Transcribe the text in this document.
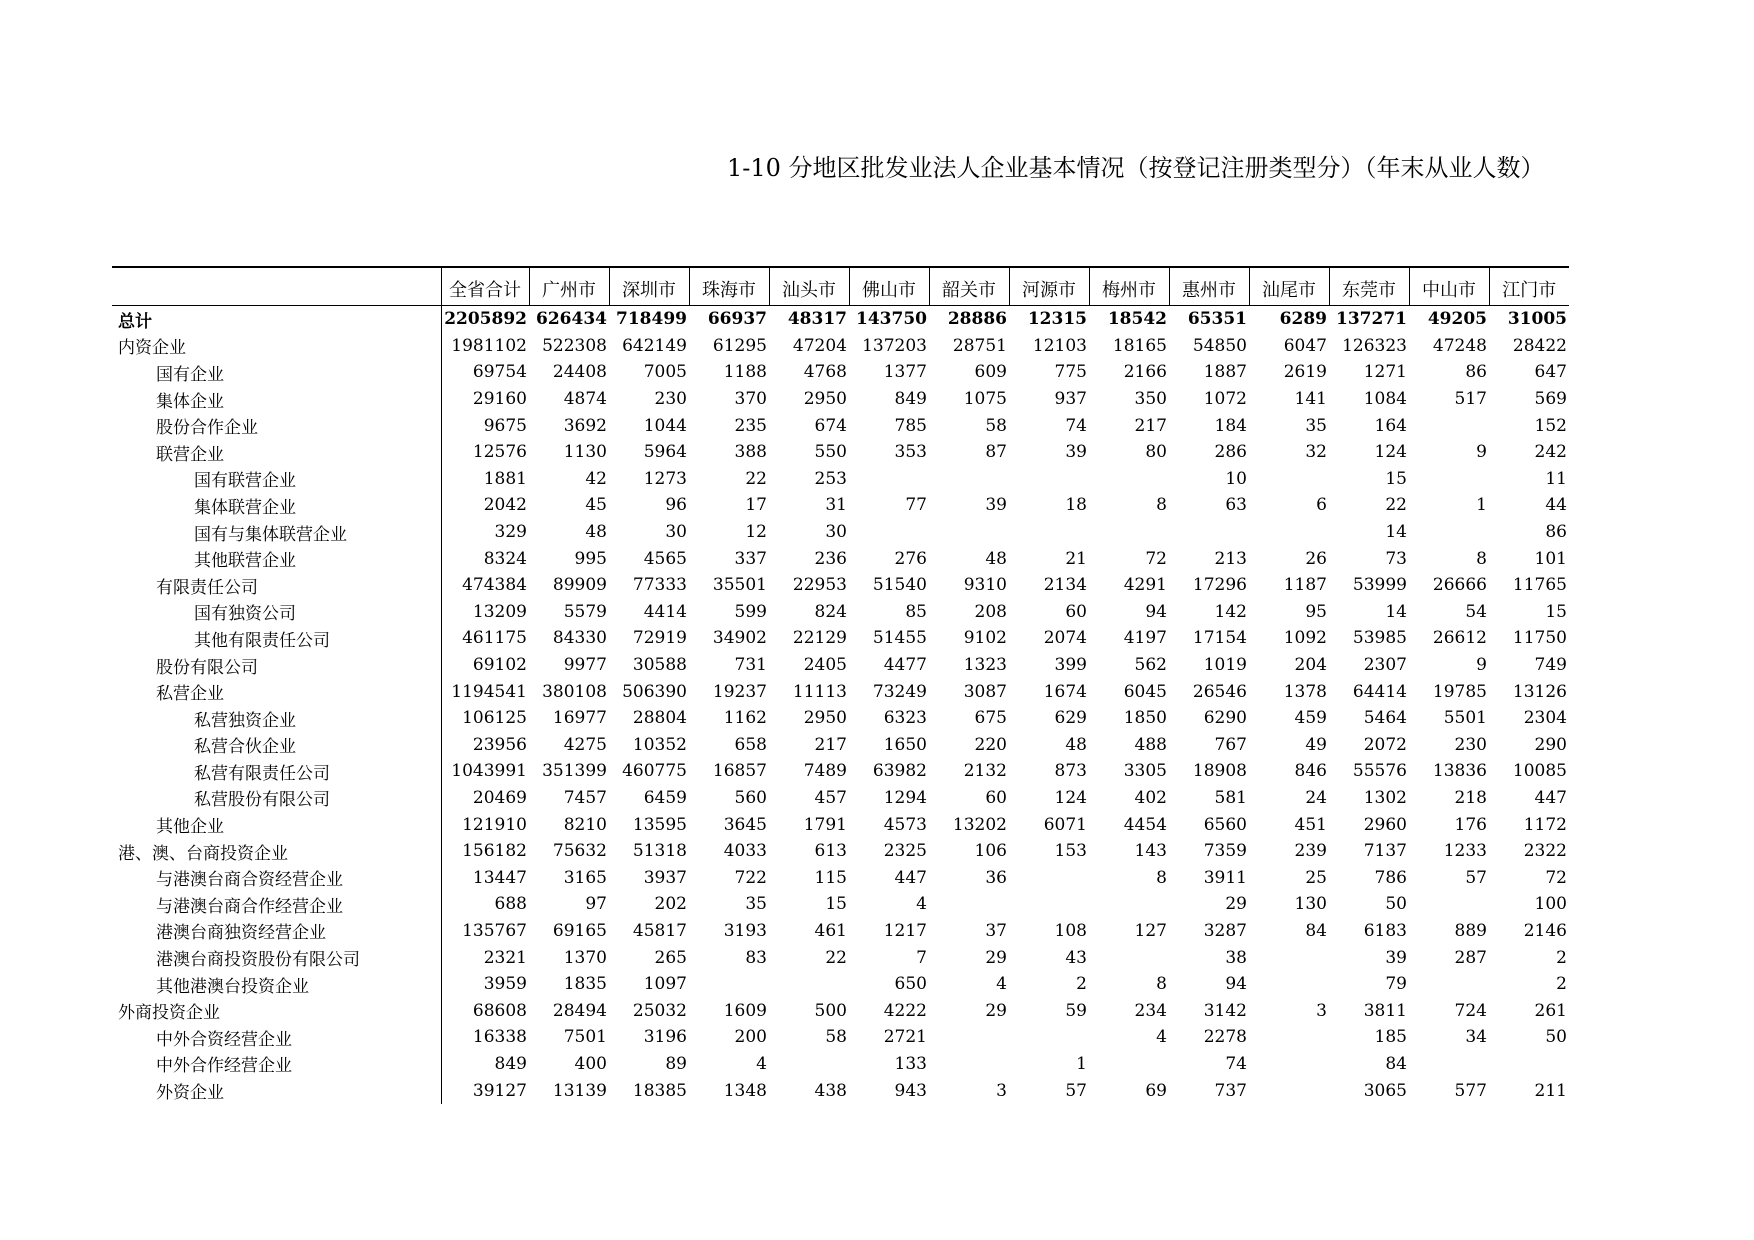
1-10 分地区批发业法人企业基本情况（按登记注册类型分）（年末从业人数）
	全省合计	广州市	深圳市	珠海市	汕头市	佛山市	韶关市	河源市	梅州市	惠州市	汕尾市	东莞市	中山市	江门市
总计	2205892	626434	718499	66937	48317	143750	28886	12315	18542	65351	6289	137271	49205	31005
内资企业	1981102	522308	642149	61295	47204	137203	28751	12103	18165	54850	6047	126323	47248	28422
国有企业	69754	24408	7005	1188	4768	1377	609	775	2166	1887	2619	1271	86	647
集体企业	29160	4874	230	370	2950	849	1075	937	350	1072	141	1084	517	569
股份合作企业	9675	3692	1044	235	674	785	58	74	217	184	35	164		152
联营企业	12576	1130	5964	388	550	353	87	39	80	286	32	124	9	242
国有联营企业	1881	42	1273	22	253					10		15		11
集体联营企业	2042	45	96	17	31	77	39	18	8	63	6	22	1	44
国有与集体联营企业	329	48	30	12	30							14		86
其他联营企业	8324	995	4565	337	236	276	48	21	72	213	26	73	8	101
有限责任公司	474384	89909	77333	35501	22953	51540	9310	2134	4291	17296	1187	53999	26666	11765
国有独资公司	13209	5579	4414	599	824	85	208	60	94	142	95	14	54	15
其他有限责任公司	461175	84330	72919	34902	22129	51455	9102	2074	4197	17154	1092	53985	26612	11750
股份有限公司	69102	9977	30588	731	2405	4477	1323	399	562	1019	204	2307	9	749
私营企业	1194541	380108	506390	19237	11113	73249	3087	1674	6045	26546	1378	64414	19785	13126
私营独资企业	106125	16977	28804	1162	2950	6323	675	629	1850	6290	459	5464	5501	2304
私营合伙企业	23956	4275	10352	658	217	1650	220	48	488	767	49	2072	230	290
私营有限责任公司	1043991	351399	460775	16857	7489	63982	2132	873	3305	18908	846	55576	13836	10085
私营股份有限公司	20469	7457	6459	560	457	1294	60	124	402	581	24	1302	218	447
其他企业	121910	8210	13595	3645	1791	4573	13202	6071	4454	6560	451	2960	176	1172
港、澳、台商投资企业	156182	75632	51318	4033	613	2325	106	153	143	7359	239	7137	1233	2322
与港澳台商合资经营企业	13447	3165	3937	722	115	447	36		8	3911	25	786	57	72
与港澳台商合作经营企业	688	97	202	35	15	4				29	130	50		100
港澳台商独资经营企业	135767	69165	45817	3193	461	1217	37	108	127	3287	84	6183	889	2146
港澳台商投资股份有限公司	2321	1370	265	83	22	7	29	43		38		39	287	2
其他港澳台投资企业	3959	1835	1097			650	4	2	8	94		79		2
外商投资企业	68608	28494	25032	1609	500	4222	29	59	234	3142	3	3811	724	261
中外合资经营企业	16338	7501	3196	200	58	2721			4	2278		185	34	50
中外合作经营企业	849	400	89	4		133		1		74		84		
外资企业	39127	13139	18385	1348	438	943	3	57	69	737		3065	577	211
